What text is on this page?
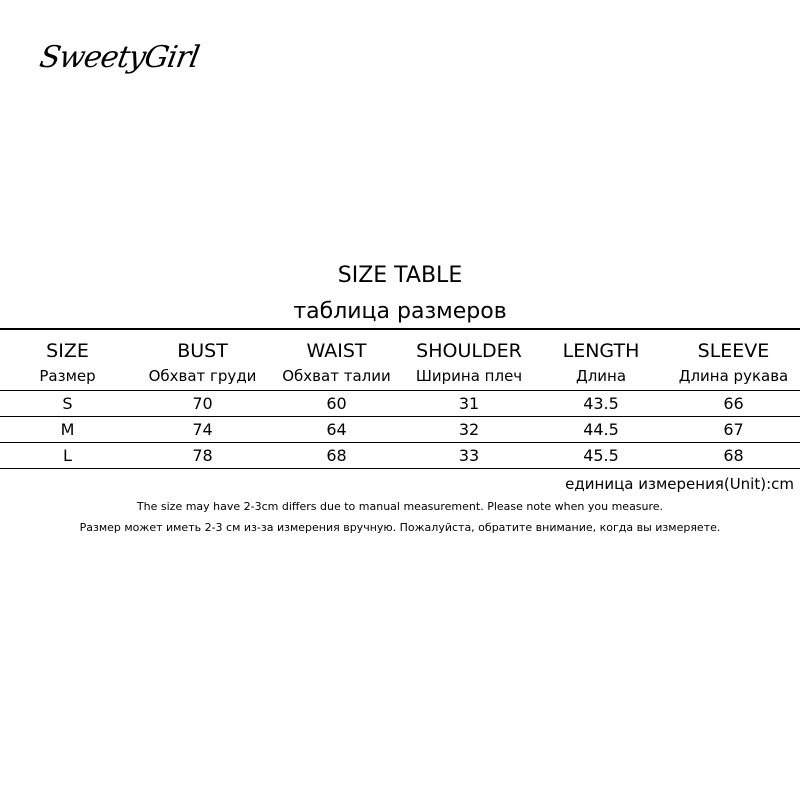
SweetyGirl
SIZE TABLE
таблица размеров
SIZE	BUST	WAIST	SHOULDER	LENGTH	SLEEVE
Размер	Обхват груди	Обхват талии	Ширина плеч	Длина	Длина рукава
S	70	60	31	43.5	66
M	74	64	32	44.5	67
L	78	68	33	45.5	68
единица измерения(Unit):cm
The size may have 2-3cm differs due to manual measurement. Please note when you measure.
Размер может иметь 2-3 см из-за измерения вручную. Пожалуйста, обратите внимание, когда вы измеряете.
